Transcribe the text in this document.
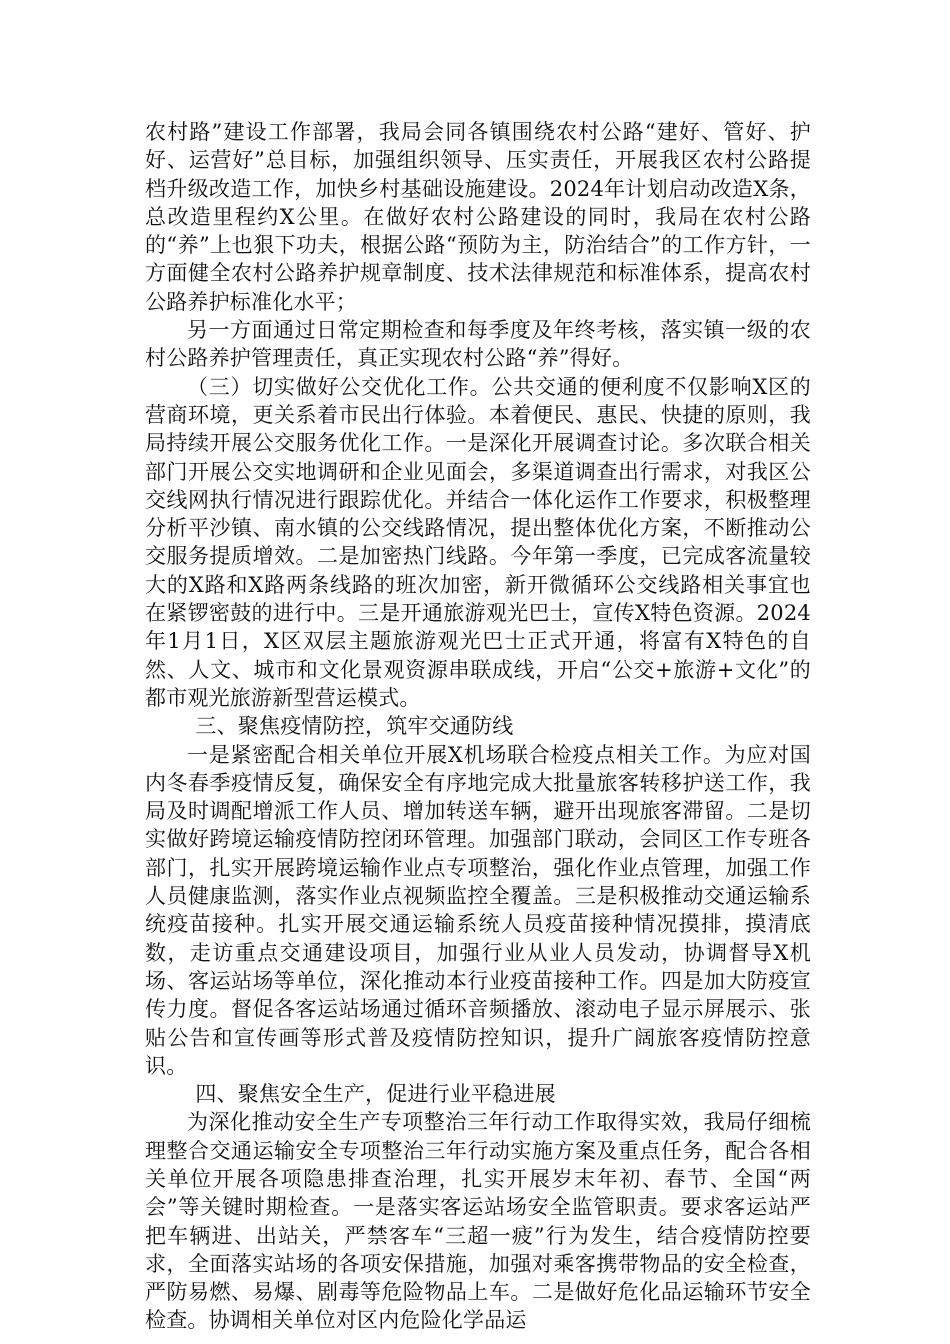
农村路”建设工作部署，我局会同各镇围绕农村公路“建好、管好、护好、运营好”总目标，加强组织领导、压实责任，开展我区农村公路提档升级改造工作，加快乡村基础设施建设。2024年计划启动改造X条，总改造里程约X公里。在做好农村公路建设的同时，我局在农村公路的“养”上也狠下功夫，根据公路“预防为主，防治结合”的工作方针，一方面健全农村公路养护规章制度、技术法律规范和标准体系，提高农村公路养护标准化水平；

另一方面通过日常定期检查和每季度及年终考核，落实镇一级的农村公路养护管理责任，真正实现农村公路“养”得好。

（三）切实做好公交优化工作。公共交通的便利度不仅影响X区的营商环境，更关系着市民出行体验。本着便民、惠民、快捷的原则，我局持续开展公交服务优化工作。一是深化开展调查讨论。多次联合相关部门开展公交实地调研和企业见面会，多渠道调查出行需求，对我区公交线网执行情况进行跟踪优化。并结合一体化运作工作要求，积极整理分析平沙镇、南水镇的公交线路情况，提出整体优化方案，不断推动公交服务提质增效。二是加密热门线路。今年第一季度，已完成客流量较大的X路和X路两条线路的班次加密，新开微循环公交线路相关事宜也在紧锣密鼓的进行中。三是开通旅游观光巴士，宣传X特色资源。2024年1月1日，X区双层主题旅游观光巴士正式开通，将富有X特色的自然、人文、城市和文化景观资源串联成线，开启“公交+旅游+文化”的都市观光旅游新型营运模式。

三、聚焦疫情防控，筑牢交通防线

一是紧密配合相关单位开展X机场联合检疫点相关工作。为应对国内冬春季疫情反复，确保安全有序地完成大批量旅客转移护送工作，我局及时调配增派工作人员、增加转送车辆，避开出现旅客滞留。二是切实做好跨境运输疫情防控闭环管理。加强部门联动，会同区工作专班各部门，扎实开展跨境运输作业点专项整治，强化作业点管理，加强工作人员健康监测，落实作业点视频监控全覆盖。三是积极推动交通运输系统疫苗接种。扎实开展交通运输系统人员疫苗接种情况摸排，摸清底数，走访重点交通建设项目，加强行业从业人员发动，协调督导X机场、客运站场等单位，深化推动本行业疫苗接种工作。四是加大防疫宣传力度。督促各客运站场通过循环音频播放、滚动电子显示屏展示、张贴公告和宣传画等形式普及疫情防控知识，提升广阔旅客疫情防控意识。

四、聚焦安全生产，促进行业平稳进展

为深化推动安全生产专项整治三年行动工作取得实效，我局仔细梳理整合交通运输安全专项整治三年行动实施方案及重点任务，配合各相关单位开展各项隐患排查治理，扎实开展岁末年初、春节、全国“两会”等关键时期检查。一是落实客运站场安全监管职责。要求客运站严把车辆进、出站关，严禁客车“三超一疲”行为发生，结合疫情防控要求，全面落实站场的各项安保措施，加强对乘客携带物品的安全检查，严防易燃、易爆、剧毒等危险物品上车。二是做好危化品运输环节安全检查。协调相关单位对区内危险化学品运
